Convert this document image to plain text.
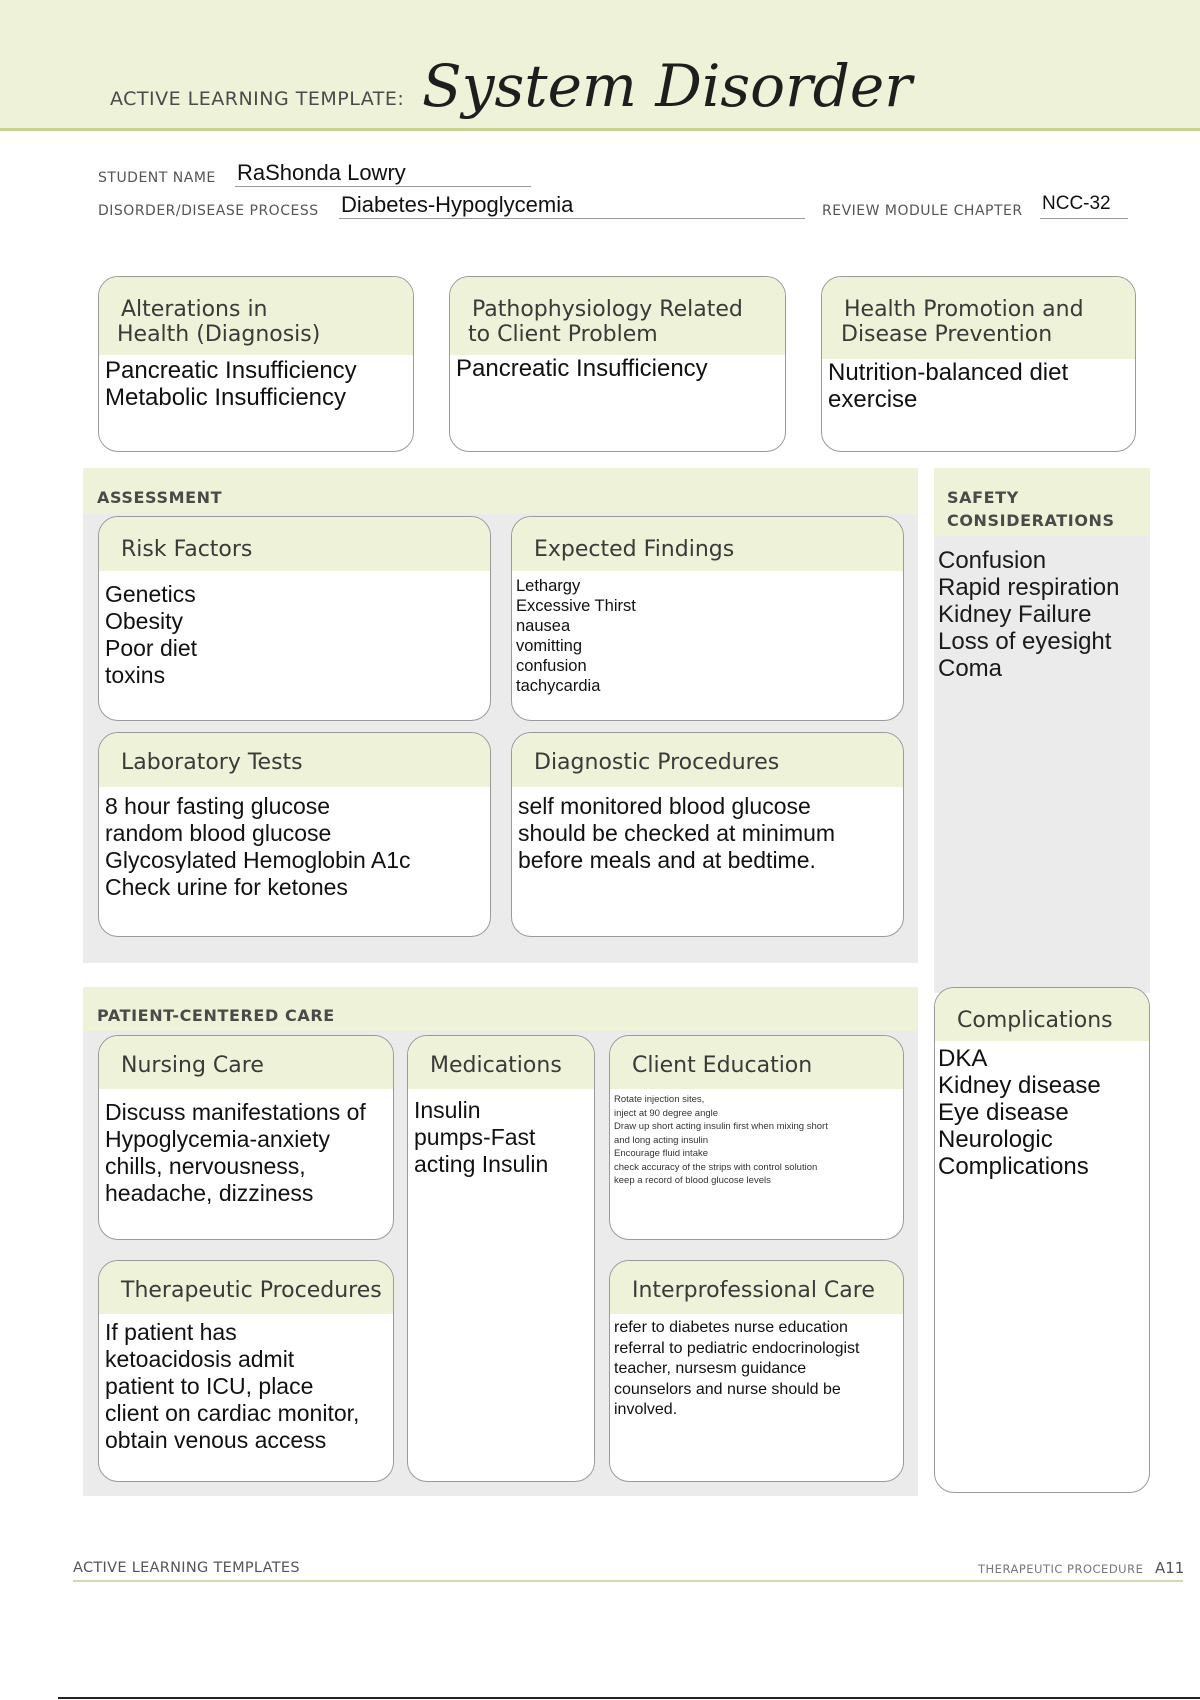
ACTIVE LEARNING TEMPLATE: System Disorder
STUDENT NAME RaShonda Lowry
DISORDER/DISEASE PROCESS Diabetes-Hypoglycemia	REVIEW MODULE CHAPTER NCC-32
Alterations in
Health (Diagnosis)
Pancreatic Insufficiency
Metabolic Insufficiency
Pathophysiology Related
to Client Problem
Pancreatic Insufficiency
Health Promotion and
Disease Prevention
Nutrition-balanced diet
exercise
ASSESSMENT
Risk Factors
Genetics
Obesity
Poor diet
toxins
Expected Findings
Lethargy
Excessive Thirst
nausea
vomitting
confusion
tachycardia
Laboratory Tests
8 hour fasting glucose
random blood glucose
Glycosylated Hemoglobin A1c
Check urine for ketones
Diagnostic Procedures
self monitored blood glucose
should be checked at minimum
before meals and at bedtime.
SAFETY
CONSIDERATIONS
Confusion
Rapid respiration
Kidney Failure
Loss of eyesight
Coma
PATIENT-CENTERED CARE
Nursing Care
Discuss manifestations of
Hypoglycemia-anxiety
chills, nervousness,
headache, dizziness
Medications
Insulin
pumps-Fast
acting Insulin
Client Education
Rotate injection sites,
inject at 90 degree angle
Draw up short acting insulin first when mixing short
and long acting insulin
Encourage fluid intake
check accuracy of the strips with control solution
keep a record of blood glucose levels
Therapeutic Procedures
If patient has
ketoacidosis admit
patient to ICU, place
client on cardiac monitor,
obtain venous access
Interprofessional Care
refer to diabetes nurse education
referral to pediatric endocrinologist
teacher, nursesm guidance
counselors and nurse should be
involved.
Complications
DKA
Kidney disease
Eye disease
Neurologic
Complications
ACTIVE LEARNING TEMPLATES	THERAPEUTIC PROCEDURE A11
